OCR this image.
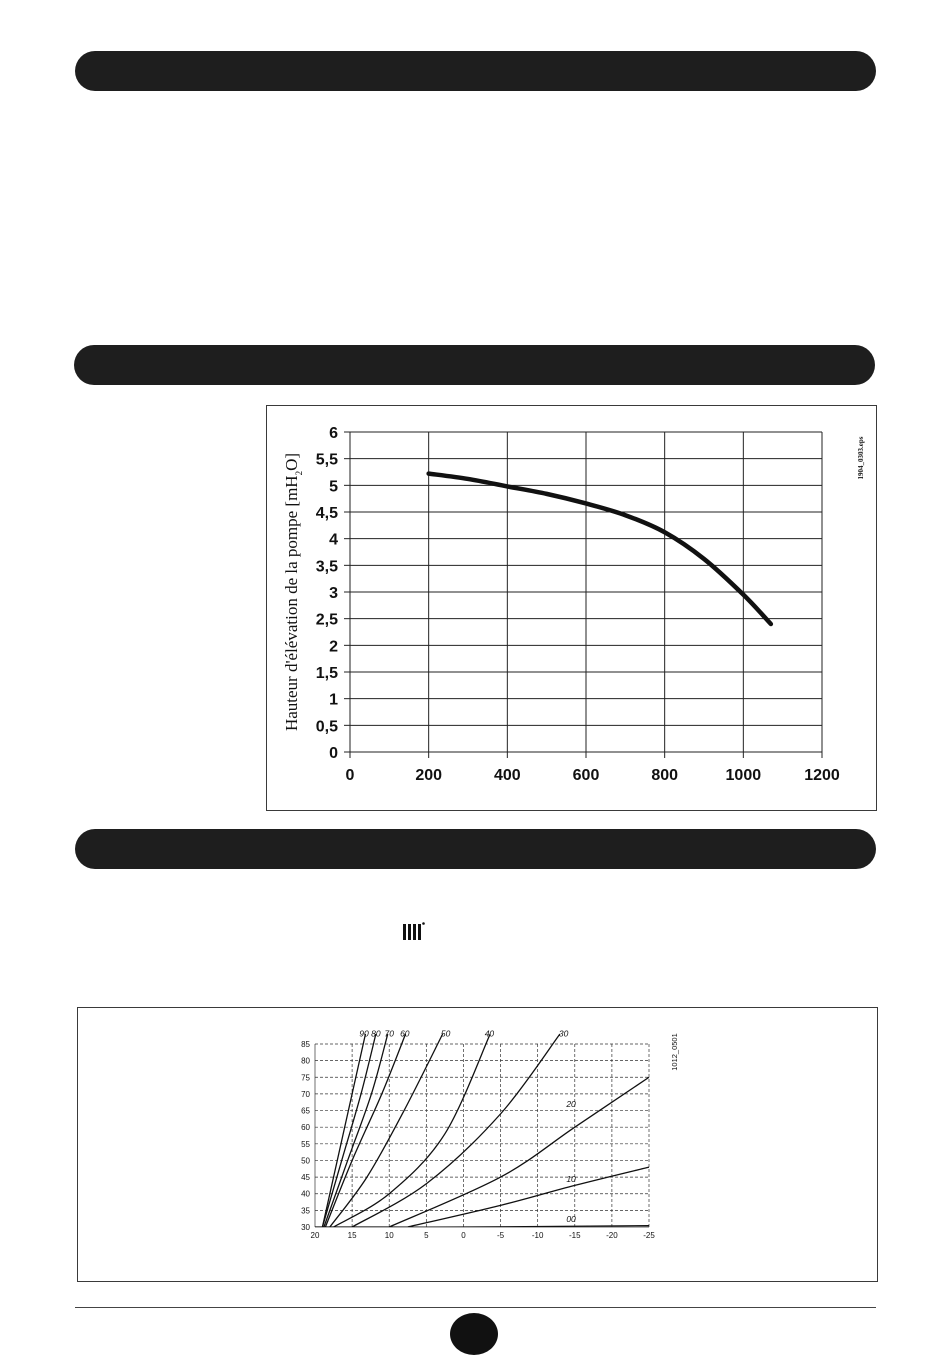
0
0,5
1
1,5
2
2,5
3
3,5
4
4,5
5
5,5
6
0	200	400	600	800	1000	1200
Hauteur d'élévation de la pompe $[mH_2O]$	1904_0303.eps
30
35
40
45
50
55
60
65
70
75
80
85
20	15	10	5	0	-5	-10	-15	-20	-25
90 80 70 60	50	40	30
20
10
00
1012_0501
